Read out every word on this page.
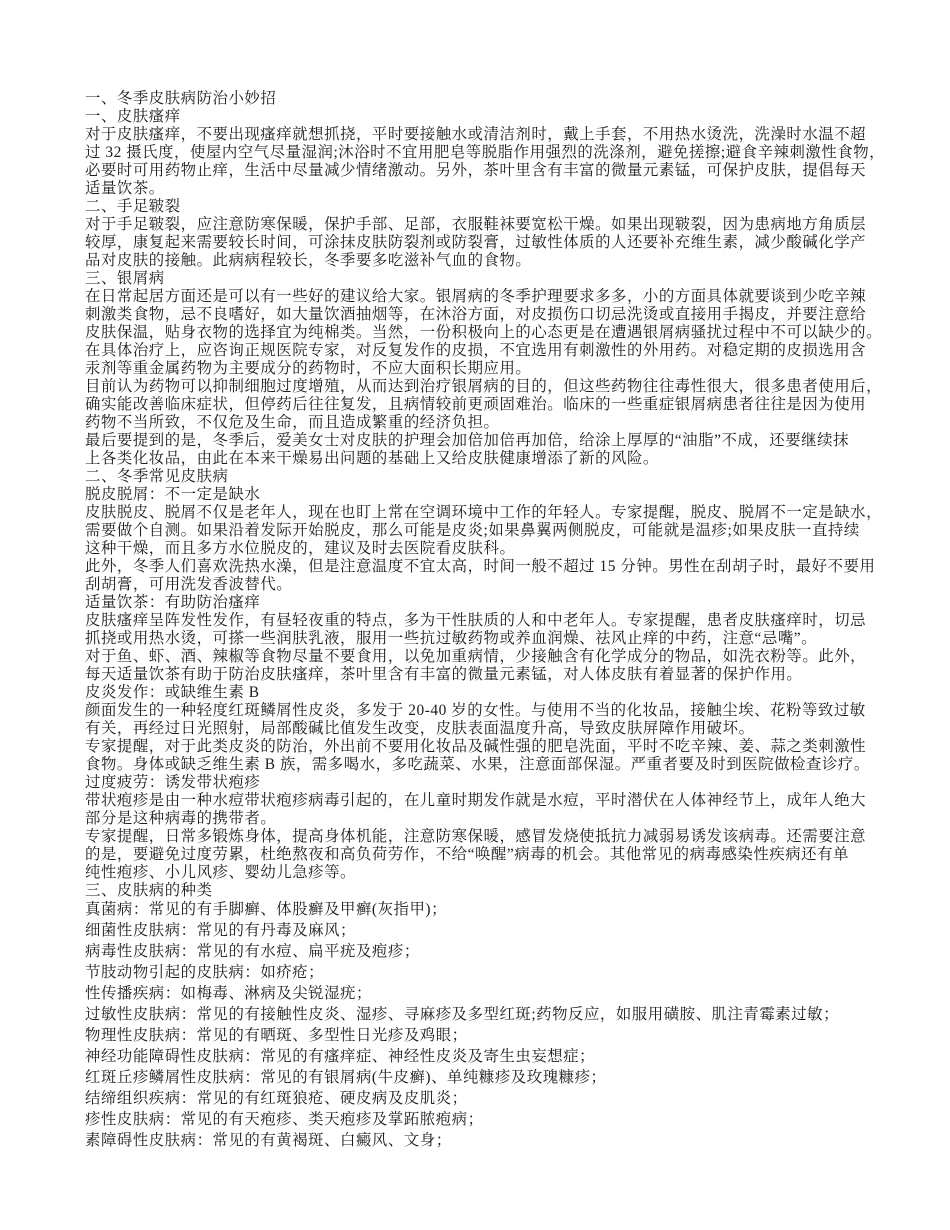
一、冬季皮肤病防治小妙招
一、皮肤瘙痒
对于皮肤瘙痒，不要出现瘙痒就想抓挠，平时要接触水或清洁剂时，戴上手套，不用热水烫洗，洗澡时水温不超
过 32 摄氏度，使屋内空气尽量湿润;沐浴时不宜用肥皂等脱脂作用强烈的洗涤剂，避免搓擦;避食辛辣刺激性食物，
必要时可用药物止痒，生活中尽量减少情绪激动。另外，茶叶里含有丰富的微量元素锰，可保护皮肤，提倡每天
适量饮茶。
二、手足皲裂
对于手足皲裂，应注意防寒保暖，保护手部、足部，衣服鞋袜要宽松干燥。如果出现皲裂，因为患病地方角质层
较厚，康复起来需要较长时间，可涂抹皮肤防裂剂或防裂膏，过敏性体质的人还要补充维生素，减少酸碱化学产
品对皮肤的接触。此病病程较长，冬季要多吃滋补气血的食物。
三、银屑病
在日常起居方面还是可以有一些好的建议给大家。银屑病的冬季护理要求多多，小的方面具体就要谈到少吃辛辣
刺激类食物，忌不良嗜好，如大量饮酒抽烟等，在沐浴方面，对皮损伤口切忌洗烫或直接用手揭皮，并要注意给
皮肤保温，贴身衣物的选择宜为纯棉类。当然，一份积极向上的心态更是在遭遇银屑病骚扰过程中不可以缺少的。
在具体治疗上，应咨询正规医院专家，对反复发作的皮损，不宜选用有刺激性的外用药。对稳定期的皮损选用含
汞剂等重金属药物为主要成分的药物时，不应大面积长期应用。
目前认为药物可以抑制细胞过度增殖，从而达到治疗银屑病的目的，但这些药物往往毒性很大，很多患者使用后，
确实能改善临床症状，但停药后往往复发，且病情较前更顽固难治。临床的一些重症银屑病患者往往是因为使用
药物不当所致，不仅危及生命，而且造成繁重的经济负担。
最后要提到的是，冬季后，爱美女士对皮肤的护理会加倍加倍再加倍，给涂上厚厚的“油脂”不成，还要继续抹
上各类化妆品，由此在本来干燥易出问题的基础上又给皮肤健康增添了新的风险。
二、冬季常见皮肤病
脱皮脱屑：不一定是缺水
皮肤脱皮、脱屑不仅是老年人，现在也盯上常在空调环境中工作的年轻人。专家提醒，脱皮、脱屑不一定是缺水，
需要做个自测。如果沿着发际开始脱皮，那么可能是皮炎;如果鼻翼两侧脱皮，可能就是温疹;如果皮肤一直持续
这种干燥，而且多方水位脱皮的，建议及时去医院看皮肤科。
此外，冬季人们喜欢洗热水澡，但是注意温度不宜太高，时间一般不超过 15 分钟。男性在刮胡子时，最好不要用
刮胡膏，可用洗发香波替代。
适量饮茶：有助防治瘙痒
皮肤瘙痒呈阵发性发作，有昼轻夜重的特点，多为干性肤质的人和中老年人。专家提醒，患者皮肤瘙痒时，切忌
抓挠或用热水烫，可搽一些润肤乳液，服用一些抗过敏药物或养血润燥、祛风止痒的中药，注意“忌嘴”。
对于鱼、虾、酒、辣椒等食物尽量不要食用，以免加重病情，少接触含有化学成分的物品，如洗衣粉等。此外，
每天适量饮茶有助于防治皮肤瘙痒，茶叶里含有丰富的微量元素锰，对人体皮肤有着显著的保护作用。
皮炎发作：或缺维生素 B
颜面发生的一种轻度红斑鳞屑性皮炎，多发于 20-40 岁的女性。与使用不当的化妆品，接触尘埃、花粉等致过敏
有关，再经过日光照射，局部酸碱比值发生改变，皮肤表面温度升高，导致皮肤屏障作用破坏。
专家提醒，对于此类皮炎的防治，外出前不要用化妆品及碱性强的肥皂洗面，平时不吃辛辣、姜、蒜之类刺激性
食物。身体或缺乏维生素 B 族，需多喝水，多吃蔬菜、水果，注意面部保湿。严重者要及时到医院做检查诊疗。
过度疲劳：诱发带状疱疹
带状疱疹是由一种水痘带状疱疹病毒引起的，在儿童时期发作就是水痘，平时潜伏在人体神经节上，成年人绝大
部分是这种病毒的携带者。
专家提醒，日常多锻炼身体，提高身体机能，注意防寒保暖，感冒发烧使抵抗力减弱易诱发该病毒。还需要注意
的是，要避免过度劳累，杜绝熬夜和高负荷劳作，不给“唤醒”病毒的机会。其他常见的病毒感染性疾病还有单
纯性疱疹、小儿风疹、婴幼儿急疹等。
三、皮肤病的种类
真菌病：常见的有手脚癣、体股癣及甲癣(灰指甲)；
细菌性皮肤病：常见的有丹毒及麻风；
病毒性皮肤病：常见的有水痘、扁平疣及疱疹；
节肢动物引起的皮肤病：如疥疮；
性传播疾病：如梅毒、淋病及尖锐湿疣；
过敏性皮肤病：常见的有接触性皮炎、湿疹、寻麻疹及多型红斑;药物反应，如服用磺胺、肌注青霉素过敏；
物理性皮肤病：常见的有晒斑、多型性日光疹及鸡眼；
神经功能障碍性皮肤病：常见的有瘙痒症、神经性皮炎及寄生虫妄想症；
红斑丘疹鳞屑性皮肤病：常见的有银屑病(牛皮癣)、单纯糠疹及玫瑰糠疹；
结缔组织疾病：常见的有红斑狼疮、硬皮病及皮肌炎；
疹性皮肤病：常见的有天疱疹、类天疱疹及掌跖脓疱病；
素障碍性皮肤病：常见的有黄褐斑、白癜风、文身；
